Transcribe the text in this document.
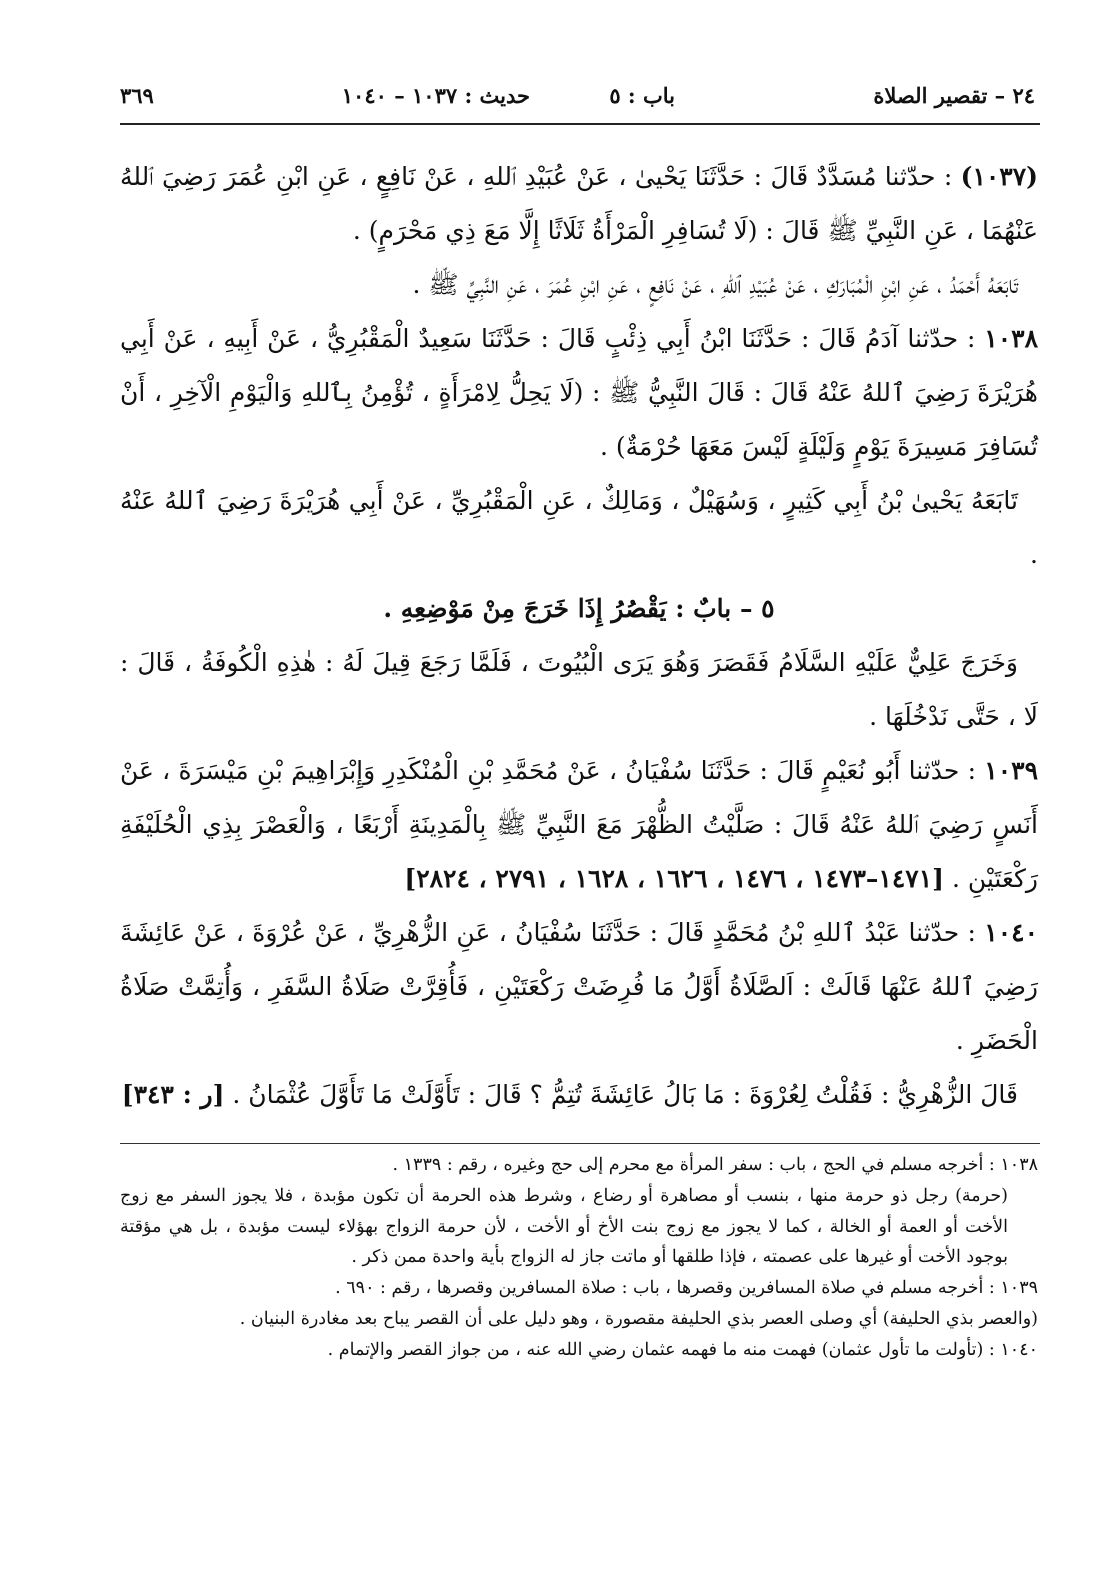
٢٤ – تقصير الصلاة
باب : ٥
حديث : ١٠٣٧ – ١٠٤٠
٣٦٩

(١٠٣٧) : حدّثنا مُسَدَّدٌ قَالَ : حَدَّثَنَا يَحْيىٰ ، عَنْ عُبَيْدِ ٱللهِ ، عَنْ نَافِعٍ ، عَنِ ابْنِ عُمَرَ رَضِيَ ٱللهُ عَنْهُمَا ، عَنِ النَّبِيِّ ﷺ قَالَ : (لَا تُسَافِرِ الْمَرْأَةُ ثَلَاثًا إِلَّا مَعَ ذِي مَحْرَمٍ) .

تَابَعَهُ أَحْمَدُ ، عَنِ ابْنِ الْمُبَارَكِ ، عَنْ عُبَيْدِ ٱللهِ ، عَنْ نَافِعٍ ، عَنِ ابْنِ عُمَرَ ، عَنِ النَّبِيِّ ﷺ .

١٠٣٨ : حدّثنا آدَمُ قَالَ : حَدَّثَنَا ابْنُ أَبِي ذِئْبٍ قَالَ : حَدَّثَنَا سَعِيدٌ الْمَقْبُرِيُّ ، عَنْ أَبِيهِ ، عَنْ أَبِي هُرَيْرَةَ رَضِيَ ٱللهُ عَنْهُ قَالَ : قَالَ النَّبِيُّ ﷺ : (لَا يَحِلُّ لِامْرَأَةٍ ، تُؤْمِنُ بِٱللهِ وَالْيَوْمِ الْآخِرِ ، أَنْ تُسَافِرَ مَسِيرَةَ يَوْمٍ وَلَيْلَةٍ لَيْسَ مَعَهَا حُرْمَةٌ) .

تَابَعَهُ يَحْيىٰ بْنُ أَبِي كَثِيرٍ ، وَسُهَيْلٌ ، وَمَالِكٌ ، عَنِ الْمَقْبُرِيِّ ، عَنْ أَبِي هُرَيْرَةَ رَضِيَ ٱللهُ عَنْهُ .

٥ – بابٌ : يَقْصُرُ إِذَا خَرَجَ مِنْ مَوْضِعِهِ .

وَخَرَجَ عَلِيٌّ عَلَيْهِ السَّلَامُ فَقَصَرَ وَهُوَ يَرَى الْبُيُوتَ ، فَلَمَّا رَجَعَ قِيلَ لَهُ : هٰذِهِ الْكُوفَةُ ، قَالَ : لَا ، حَتَّى نَدْخُلَهَا .

١٠٣٩ : حدّثنا أَبُو نُعَيْمٍ قَالَ : حَدَّثَنَا سُفْيَانُ ، عَنْ مُحَمَّدِ بْنِ الْمُنْكَدِرِ وَإِبْرَاهِيمَ بْنِ مَيْسَرَةَ ، عَنْ أَنَسٍ رَضِيَ ٱللهُ عَنْهُ قَالَ : صَلَّيْتُ الظُّهْرَ مَعَ النَّبِيِّ ﷺ بِالْمَدِينَةِ أَرْبَعًا ، وَالْعَصْرَ بِذِي الْحُلَيْفَةِ رَكْعَتَيْنِ . [١٤٧١–١٤٧٣ ، ١٤٧٦ ، ١٦٢٦ ، ١٦٢٨ ، ٢٧٩١ ، ٢٨٢٤]

١٠٤٠ : حدّثنا عَبْدُ ٱللهِ بْنُ مُحَمَّدٍ قَالَ : حَدَّثَنَا سُفْيَانُ ، عَنِ الزُّهْرِيِّ ، عَنْ عُرْوَةَ ، عَنْ عَائِشَةَ رَضِيَ ٱللهُ عَنْهَا قَالَتْ : اَلصَّلَاةُ أَوَّلُ مَا فُرِضَتْ رَكْعَتَيْنِ ، فَأُقِرَّتْ صَلَاةُ السَّفَرِ ، وَأُتِمَّتْ صَلَاةُ الْحَضَرِ .

قَالَ الزُّهْرِيُّ : فَقُلْتُ لِعُرْوَةَ : مَا بَالُ عَائِشَةَ تُتِمُّ ؟ قَالَ : تَأَوَّلَتْ مَا تَأَوَّلَ عُثْمَانُ . [ر : ٣٤٣]

١٠٣٨ : أخرجه مسلم في الحج ، باب : سفر المرأة مع محرم إلى حج وغيره ، رقم : ١٣٣٩ .

(حرمة) رجل ذو حرمة منها ، بنسب أو مصاهرة أو رضاع ، وشرط هذه الحرمة أن تكون مؤبدة ، فلا يجوز السفر مع زوج الأخت أو العمة أو الخالة ، كما لا يجوز مع زوج بنت الأخ أو الأخت ، لأن حرمة الزواج بهؤلاء ليست مؤبدة ، بل هي مؤقتة بوجود الأخت أو غيرها على عصمته ، فإذا طلقها أو ماتت جاز له الزواج بأية واحدة ممن ذكر .

١٠٣٩ : أخرجه مسلم في صلاة المسافرين وقصرها ، باب : صلاة المسافرين وقصرها ، رقم : ٦٩٠ .

(والعصر بذي الحليفة) أي وصلى العصر بذي الحليفة مقصورة ، وهو دليل على أن القصر يباح بعد مغادرة البنيان .

١٠٤٠ : (تأولت ما تأول عثمان) فهمت منه ما فهمه عثمان رضي الله عنه ، من جواز القصر والإتمام .
